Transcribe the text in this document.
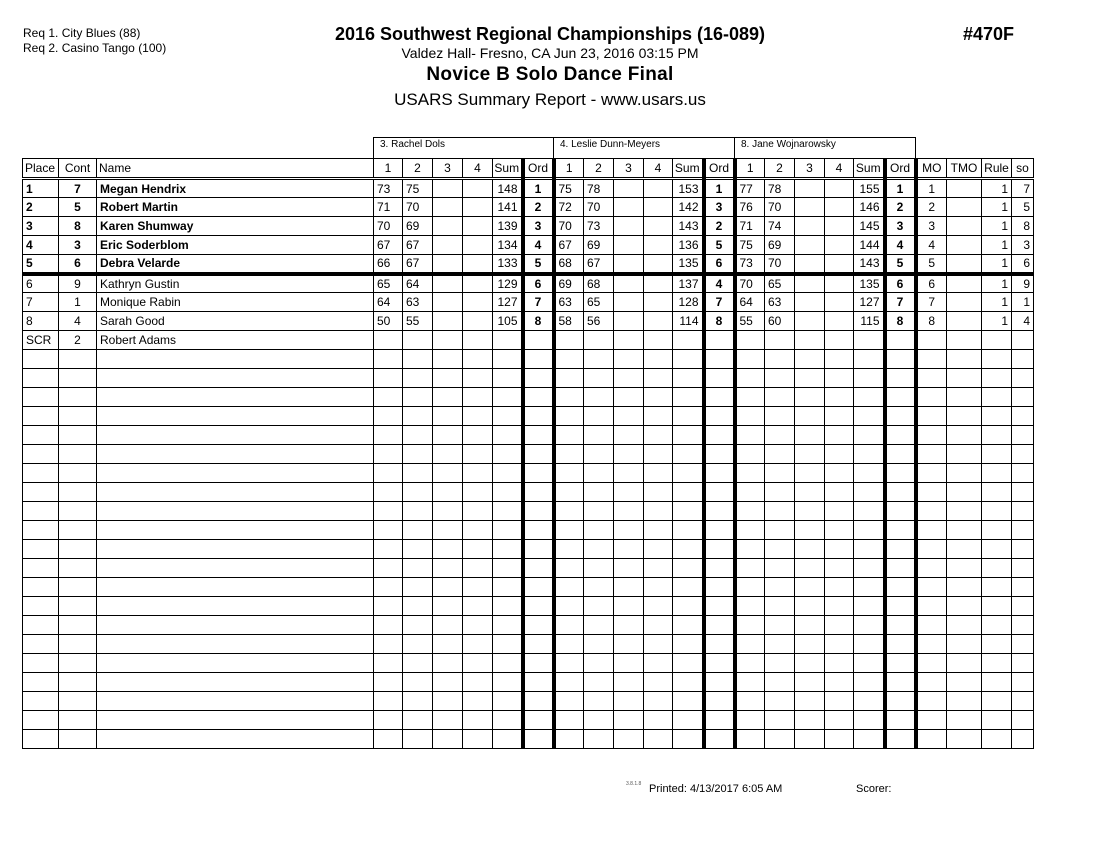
Req 1. City Blues (88)
Req 2. Casino Tango (100)
2016 Southwest Regional Championships (16-089)
Valdez Hall- Fresno, CA Jun 23, 2016 03:15 PM
Novice B Solo Dance Final
USARS Summary Report - www.usars.us
#470F
3. Rachel Dols	4. Leslie Dunn-Meyers	8. Jane Wojnarowsky
Place	Cont	Name	1	2	3	4	Sum	Ord	1	2	3	4	Sum	Ord	1	2	3	4	Sum	Ord	MO	TMO	Rule	so
1	7	Megan Hendrix	73	75			148	1	75	78			153	1	77	78			155	1	1		1	7
2	5	Robert Martin	71	70			141	2	72	70			142	3	76	70			146	2	2		1	5
3	8	Karen Shumway	70	69			139	3	70	73			143	2	71	74			145	3	3		1	8
4	3	Eric Soderblom	67	67			134	4	67	69			136	5	75	69			144	4	4		1	3
5	6	Debra Velarde	66	67			133	5	68	67			135	6	73	70			143	5	5		1	6
6	9	Kathryn Gustin	65	64			129	6	69	68			137	4	70	65			135	6	6		1	9
7	1	Monique Rabin	64	63			127	7	63	65			128	7	64	63			127	7	7		1	1
8	4	Sarah Good	50	55			105	8	58	56			114	8	55	60			115	8	8		1	4
SCR	2	Robert Adams																						

3.8.1.8 Printed: 4/13/2017 6:05 AM	Scorer:
